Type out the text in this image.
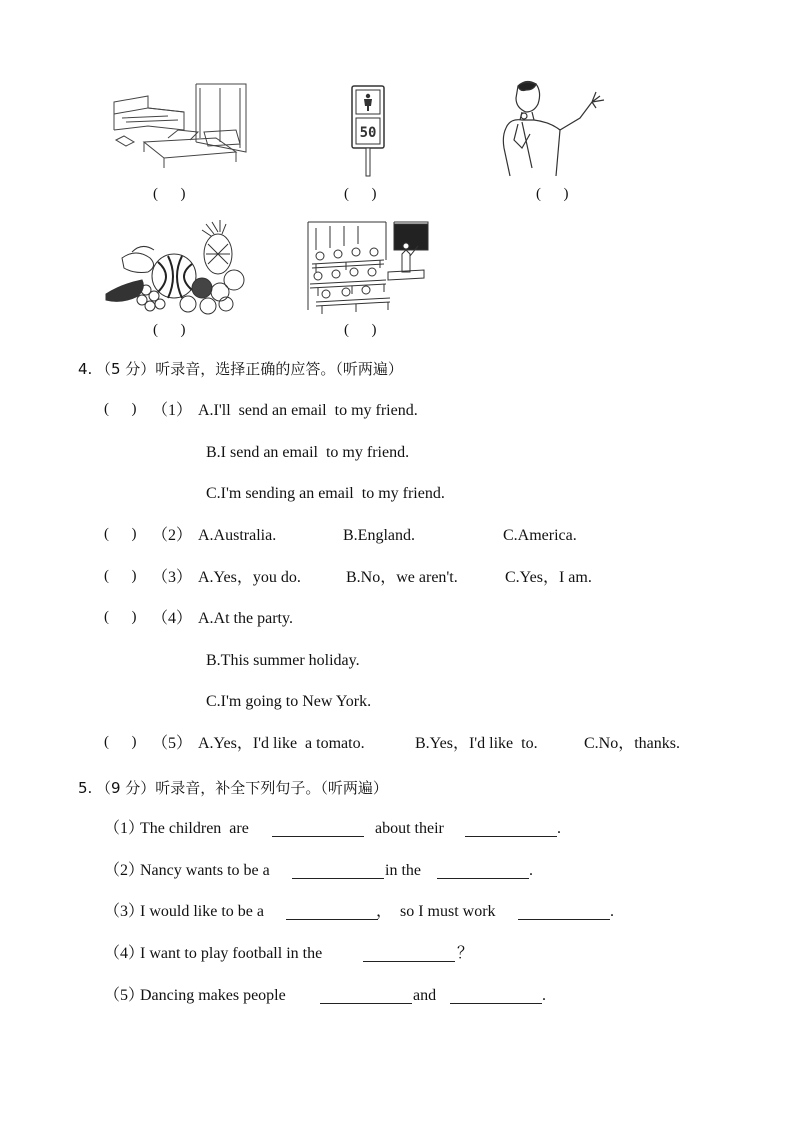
(      )
50
(      )	(      )
(      )	(      )
4. （5 分）听录音，选择正确的应答。（听两遍）
(      ) （1） A.I'll  send an email  to my friend.
B.I send an email  to my friend.
C.I'm sending an email  to my friend.
(      ) （2） A.Australia.	B.England.	C.America.
(      ) （3） A.Yes，you do.	B.No，we aren't.	C.Yes，I am.
(      ) （4） A.At the party.
B.This summer holiday.
C.I'm going to New York.
(      ) （5） A.Yes，I'd like  a tomato.	B.Yes，I'd like  to.	C.No，thanks.
5. （9 分）听录音，补全下列句子。（听两遍）
（1）
The children  are	about their	.
（2）
Nancy wants to be a	in the	.
（3）
I would like to be a	，  so I must work	.
（4）
I want to play football in the	？
（5）
Dancing makes people	and	.
